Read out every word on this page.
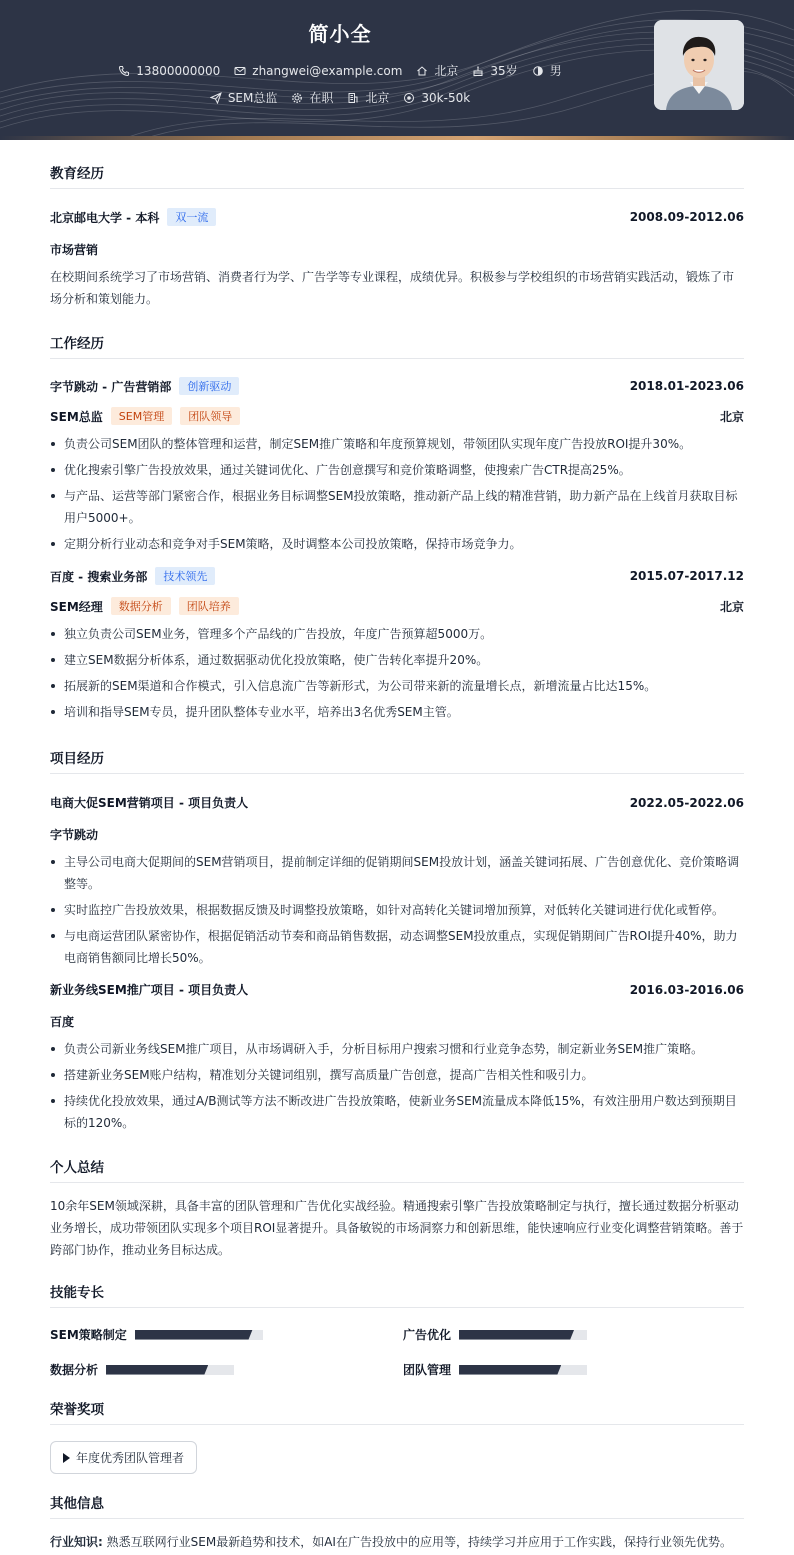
简小全
13800000000	zhangwei@example.com	北京	35岁	男
SEM总监	在职	北京	30k-50k
教育经历
北京邮电大学 - 本科	双一流	2008.09-2012.06
市场营销
在校期间系统学习了市场营销、消费者行为学、广告学等专业课程，成绩优异。积极参与学校组织的市场营销实践活动，锻炼了市场分析和策划能力。
工作经历
字节跳动 - 广告营销部	创新驱动	2018.01-2023.06
SEM总监	SEM管理	团队领导	北京
负责公司SEM团队的整体管理和运营，制定SEM推广策略和年度预算规划，带领团队实现年度广告投放ROI提升30%。
优化搜索引擎广告投放效果，通过关键词优化、广告创意撰写和竞价策略调整，使搜索广告CTR提高25%。
与产品、运营等部门紧密合作，根据业务目标调整SEM投放策略，推动新产品上线的精准营销，助力新产品在上线首月获取目标用户5000+。
定期分析行业动态和竞争对手SEM策略，及时调整本公司投放策略，保持市场竞争力。
百度 - 搜索业务部	技术领先	2015.07-2017.12
SEM经理	数据分析	团队培养	北京
独立负责公司SEM业务，管理多个产品线的广告投放，年度广告预算超5000万。
建立SEM数据分析体系，通过数据驱动优化投放策略，使广告转化率提升20%。
拓展新的SEM渠道和合作模式，引入信息流广告等新形式，为公司带来新的流量增长点，新增流量占比达15%。
培训和指导SEM专员，提升团队整体专业水平，培养出3名优秀SEM主管。
项目经历
电商大促SEM营销项目 - 项目负责人	2022.05-2022.06
字节跳动
主导公司电商大促期间的SEM营销项目，提前制定详细的促销期间SEM投放计划，涵盖关键词拓展、广告创意优化、竞价策略调整等。
实时监控广告投放效果，根据数据反馈及时调整投放策略，如针对高转化关键词增加预算，对低转化关键词进行优化或暂停。
与电商运营团队紧密协作，根据促销活动节奏和商品销售数据，动态调整SEM投放重点，实现促销期间广告ROI提升40%，助力电商销售额同比增长50%。
新业务线SEM推广项目 - 项目负责人	2016.03-2016.06
百度
负责公司新业务线SEM推广项目，从市场调研入手，分析目标用户搜索习惯和行业竞争态势，制定新业务SEM推广策略。
搭建新业务SEM账户结构，精准划分关键词组别，撰写高质量广告创意，提高广告相关性和吸引力。
持续优化投放效果，通过A/B测试等方法不断改进广告投放策略，使新业务SEM流量成本降低15%，有效注册用户数达到预期目标的120%。
个人总结
10余年SEM领域深耕，具备丰富的团队管理和广告优化实战经验。精通搜索引擎广告投放策略制定与执行，擅长通过数据分析驱动业务增长，成功带领团队实现多个项目ROI显著提升。具备敏锐的市场洞察力和创新思维，能快速响应行业变化调整营销策略。善于跨部门协作，推动业务目标达成。
技能专长
SEM策略制定	广告优化
数据分析	团队管理
荣誉奖项
年度优秀团队管理者
其他信息
行业知识: 熟悉互联网行业SEM最新趋势和技术，如AI在广告投放中的应用等，持续学习并应用于工作实践，保持行业领先优势。
